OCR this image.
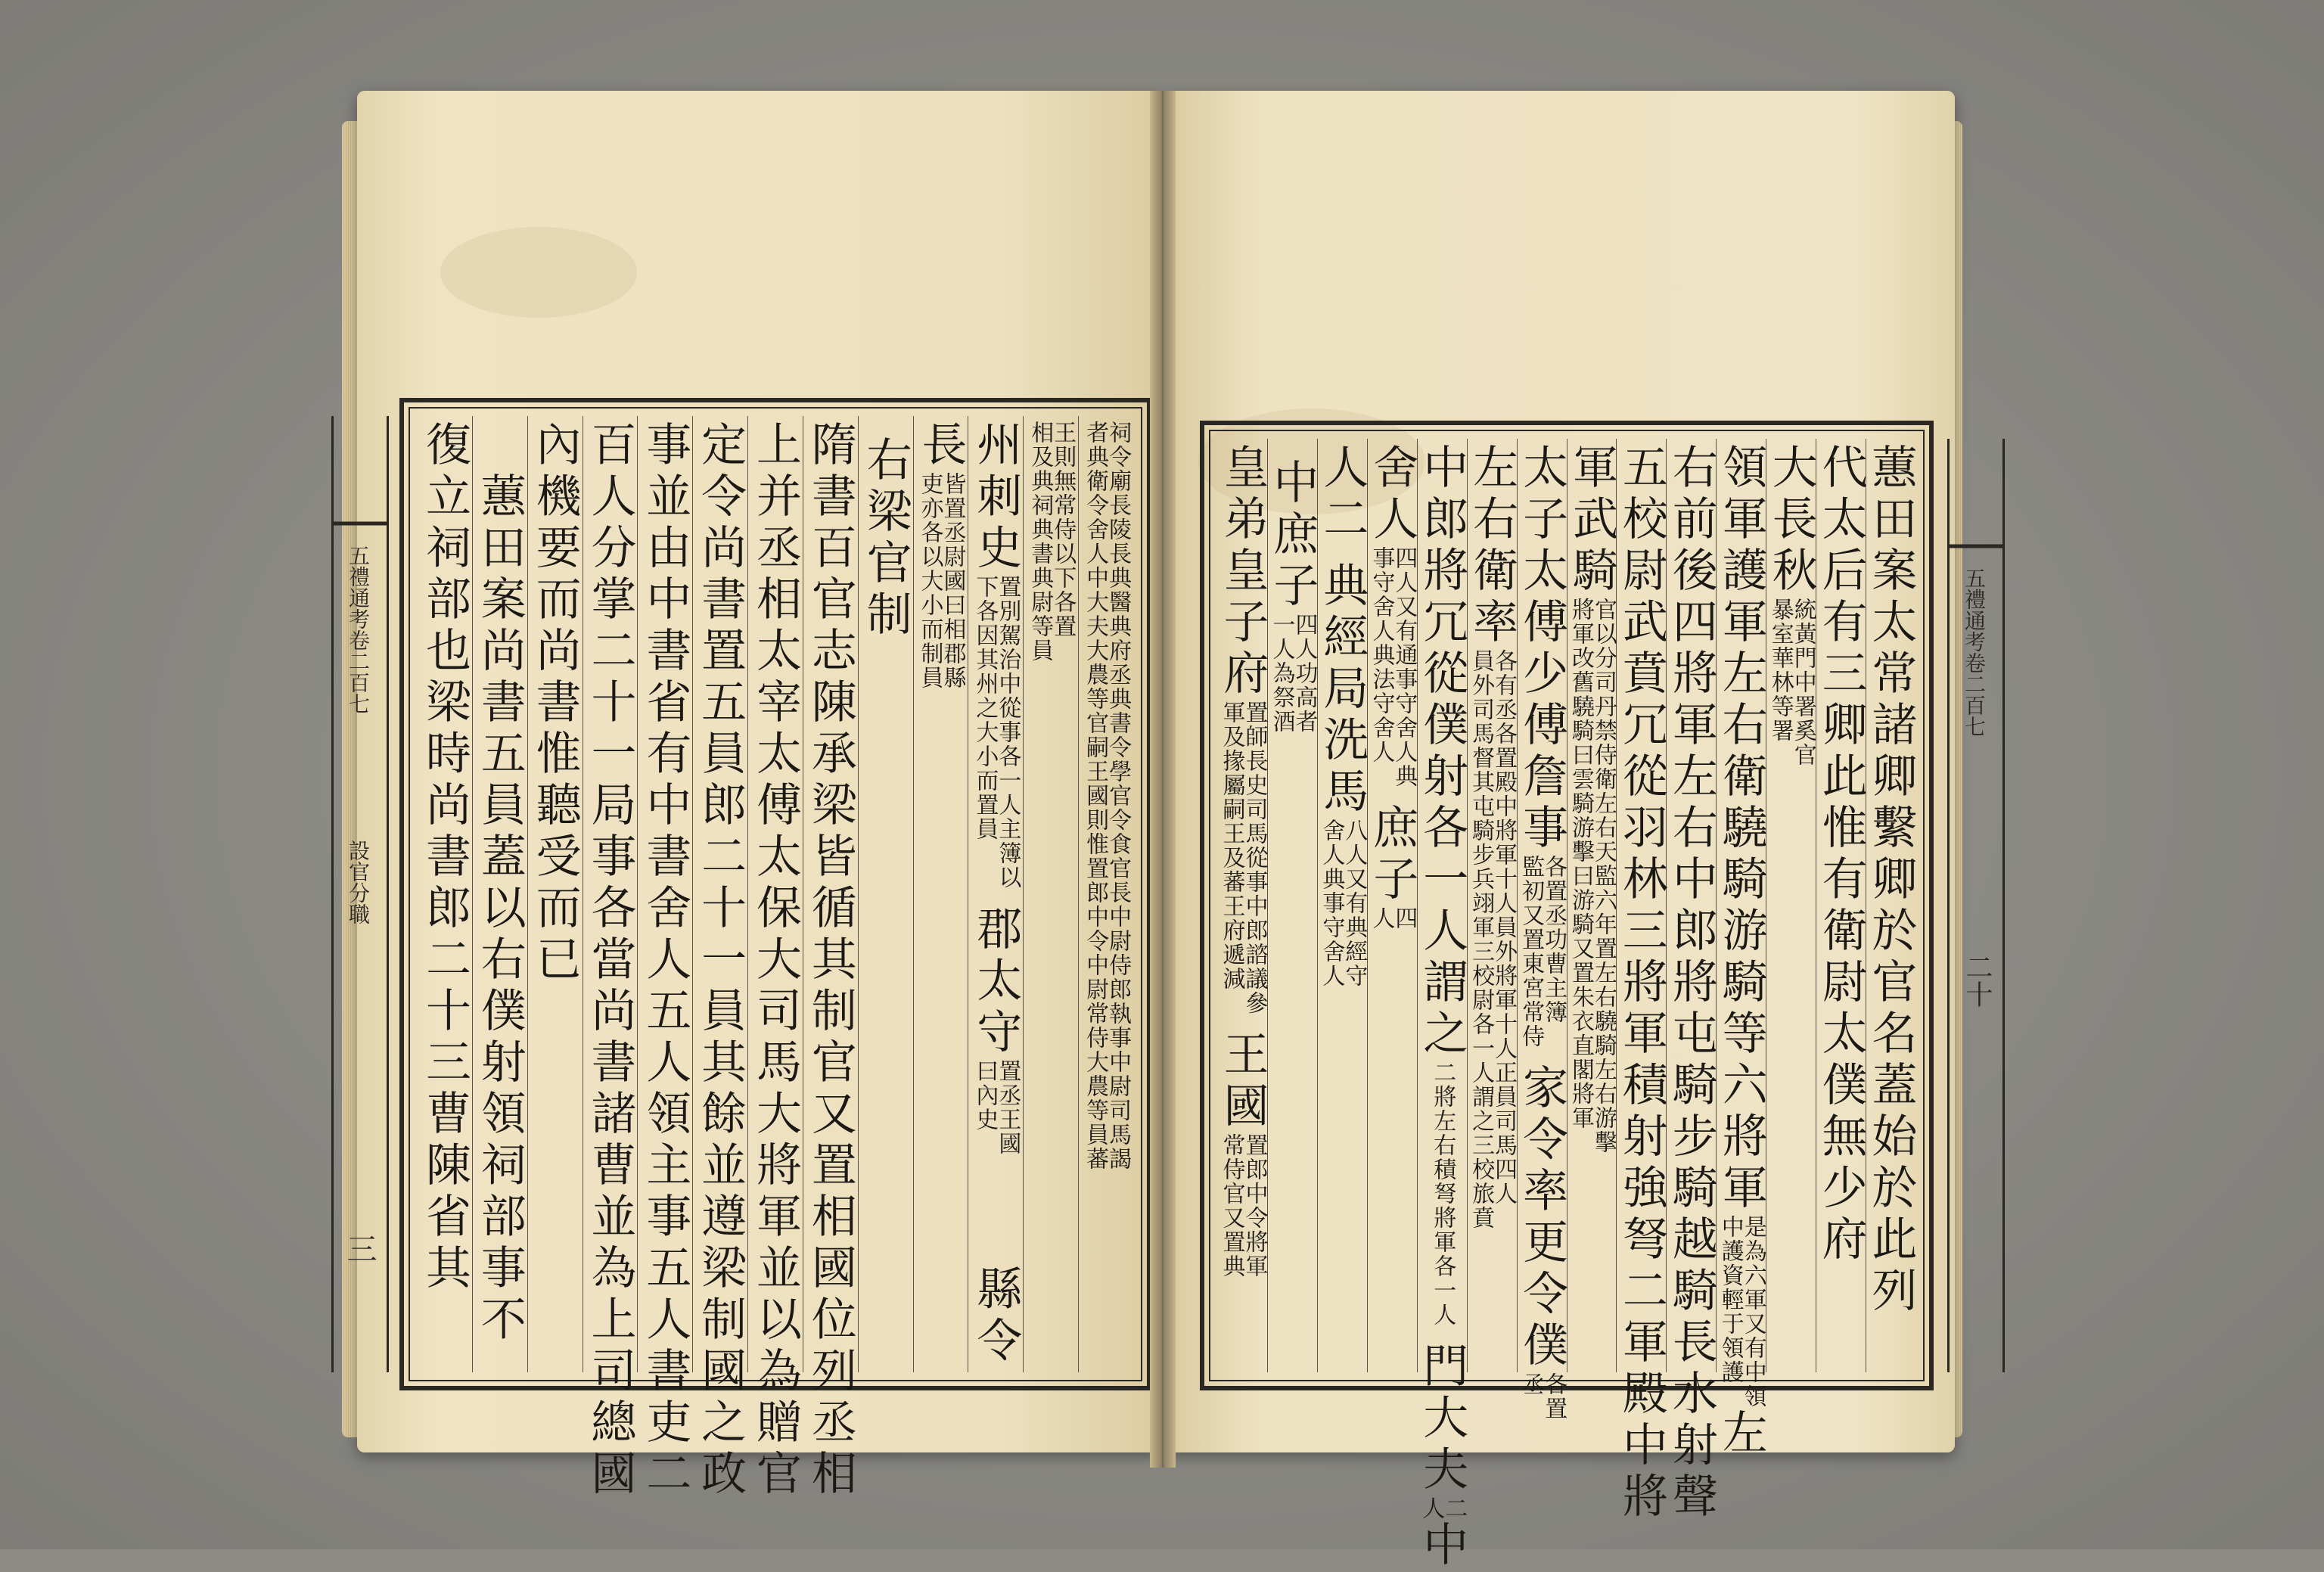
五禮通考卷二百七
設官分職
三
祠令廟長陵長典醫典府丞典書令學官令食官長中尉侍郎執事中尉司馬謁
者典衛令舍人中大夫大農等官嗣王國則惟置郎中令中尉常侍大農等員蕃
王則無常侍以下各置
相及典祠典書典尉等員
州刺史
置別駕治中從事各一人主簿以
下各因其州之大小而置員
郡太守
置丞王國
曰內史
縣令
長
皆置丞尉國曰相郡縣
吏亦各以大小而制員
右梁官制
隋書百官志陳承梁皆循其制官又置相國位列丞相
上并丞相太宰太傅太保大司馬大將軍並以為贈官
定令尚書置五員郎二十一員其餘並遵梁制國之政
事並由中書省有中書舍人五人領主事五人書吏二
百人分掌二十一局事各當尚書諸曹並為上司總國
內機要而尚書惟聽受而已
　蕙田案尚書五員蓋以右僕射領祠部事不
復立祠部也梁時尚書郎二十三曹陳省其	五禮通考卷二百七
二十
蕙田案太常諸卿繫卿於官名蓋始於此列
代太后有三卿此惟有衛尉太僕無少府
大長秋
統黃門中署奚官
暴室華林等署
領軍護軍左右衛驍騎游騎等六將軍
是為六軍又有中領
中護資輕于領護
左
右前後四將軍左右中郎將屯騎步騎越騎長水射聲
五校尉武賁冗從羽林三將軍積射強弩二軍殿中將
軍武騎
官以分司丹禁侍衛左右天監六年置左右驍騎左右游擊
將軍改舊驍騎曰雲騎游擊曰游騎又置朱衣直閣將軍
太子太傅少傅詹事
各置丞功曹主簿
監初又置東宮常侍
家令率更令僕
各置
丞
左右衛率
各有丞各置殿中將軍十人員外將軍十人正員司馬四人
員外司馬督其屯騎步兵翊軍三校尉各一人謂之三校旅賁
中郎將冗從僕射各一人謂之
二將左右積弩將軍各一人
門大夫
二
人
中
舍人
四人又有通事守舍人典
事守舍人典法守舍人
庶子
四
人
人二
典經局洗馬
八人又有典經守
舍人典事守舍人
中庶子
四人功高者
一人為祭酒
皇弟皇子府
置師長史司馬從事中郎諮議參
軍及掾屬嗣王及蕃王府遞減
王國
置郎中令將軍
常侍官又置典
